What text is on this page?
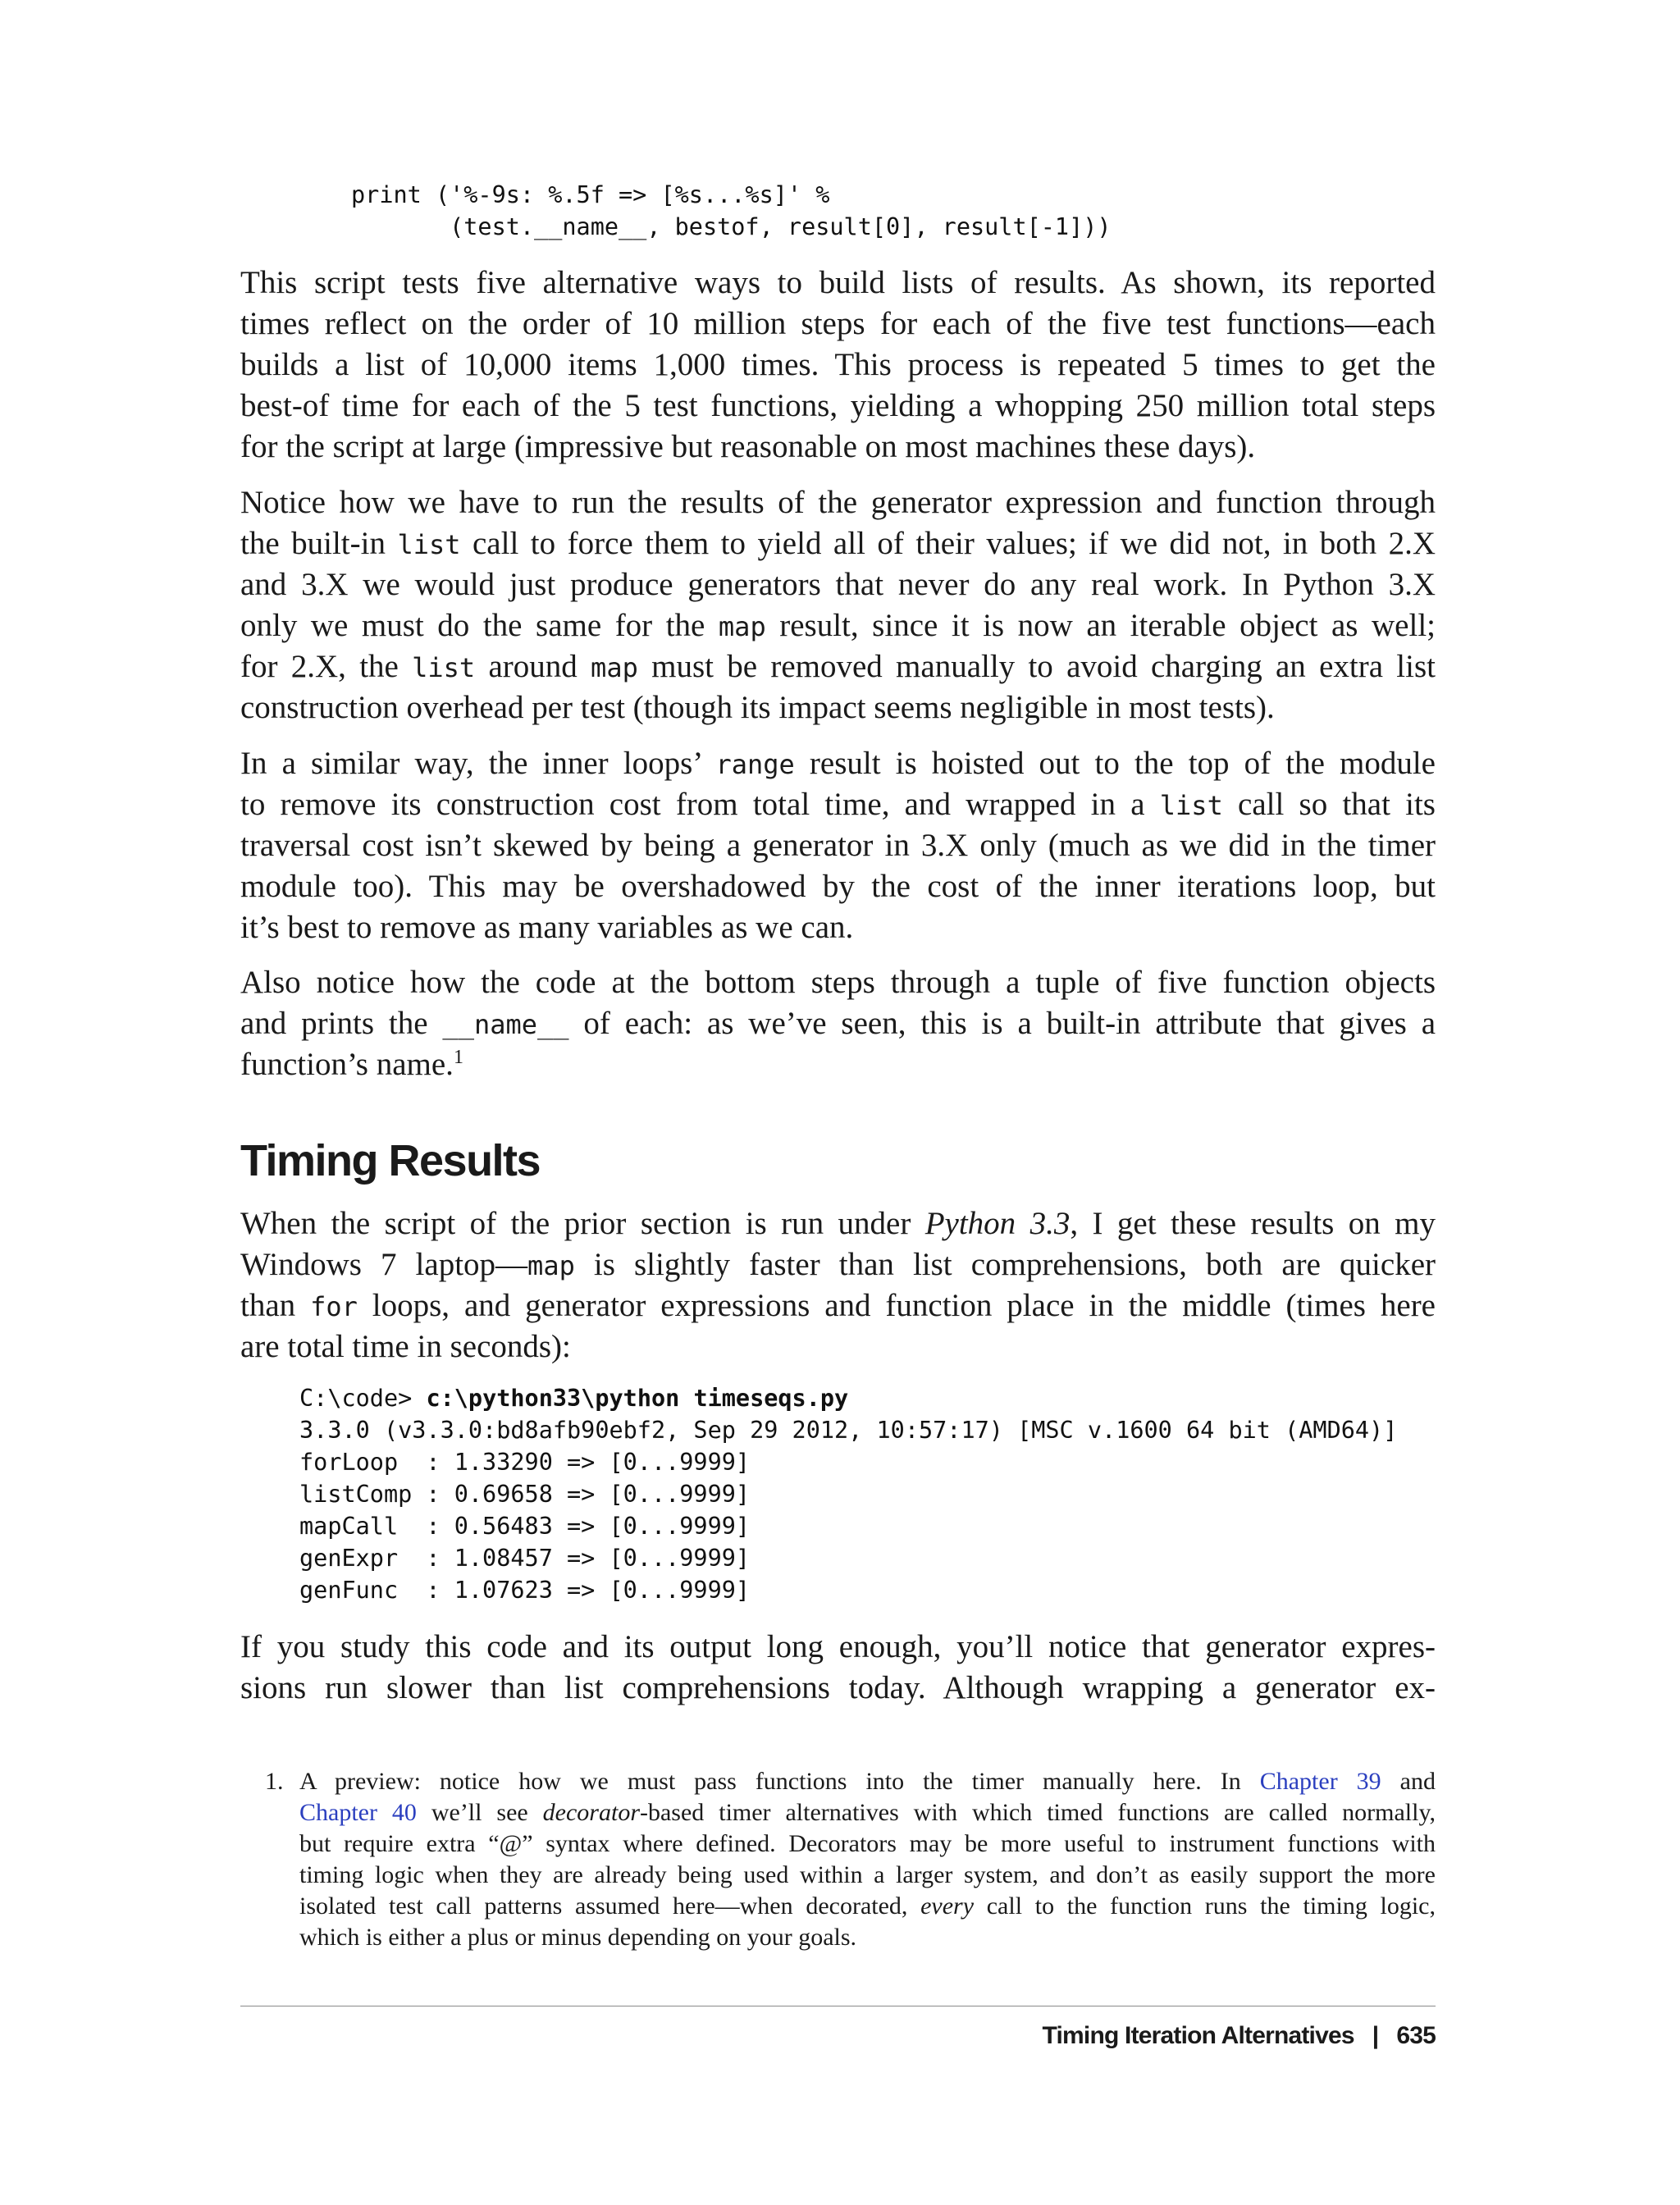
print ('%-9s: %.5f => [%s...%s]' %
(test.__name__, bestof, result[0], result[-1]))
This script tests five alternative ways to build lists of results. As shown, its reported
times reflect on the order of 10 million steps for each of the five test functions—each
builds a list of 10,000 items 1,000 times. This process is repeated 5 times to get the
best-of time for each of the 5 test functions, yielding a whopping 250 million total steps
for the script at large (impressive but reasonable on most machines these days).
Notice how we have to run the results of the generator expression and function through
the built-in list call to force them to yield all of their values; if we did not, in both 2.X
and 3.X we would just produce generators that never do any real work. In Python 3.X
only we must do the same for the map result, since it is now an iterable object as well;
for 2.X, the list around map must be removed manually to avoid charging an extra list
construction overhead per test (though its impact seems negligible in most tests).
In a similar way, the inner loops’ range result is hoisted out to the top of the module
to remove its construction cost from total time, and wrapped in a list call so that its
traversal cost isn’t skewed by being a generator in 3.X only (much as we did in the timer
module too). This may be overshadowed by the cost of the inner iterations loop, but
it’s best to remove as many variables as we can.
Also notice how the code at the bottom steps through a tuple of five function objects
and prints the __name__ of each: as we’ve seen, this is a built-in attribute that gives a
function’s name.$^1$
Timing Results
When the script of the prior section is run under Python 3.3, I get these results on my
Windows 7 laptop—map is slightly faster than list comprehensions, both are quicker
than for loops, and generator expressions and function place in the middle (times here
are total time in seconds):
C:\code> c:\python33\python timeseqs.py
3.3.0 (v3.3.0:bd8afb90ebf2, Sep 29 2012, 10:57:17) [MSC v.1600 64 bit (AMD64)]
forLoop  : 1.33290 => [0...9999]
listComp : 0.69658 => [0...9999]
mapCall  : 0.56483 => [0...9999]
genExpr  : 1.08457 => [0...9999]
genFunc  : 1.07623 => [0...9999]
If you study this code and its output long enough, you’ll notice that generator expres-
sions run slower than list comprehensions today. Although wrapping a generator ex-
1. A preview: notice how we must pass functions into the timer manually here. In Chapter 39 and
Chapter 40 we’ll see decorator-based timer alternatives with which timed functions are called normally,
but require extra “@” syntax where defined. Decorators may be more useful to instrument functions with
timing logic when they are already being used within a larger system, and don’t as easily support the more
isolated test call patterns assumed here—when decorated, every call to the function runs the timing logic,
which is either a plus or minus depending on your goals.
Timing Iteration Alternatives | 635
